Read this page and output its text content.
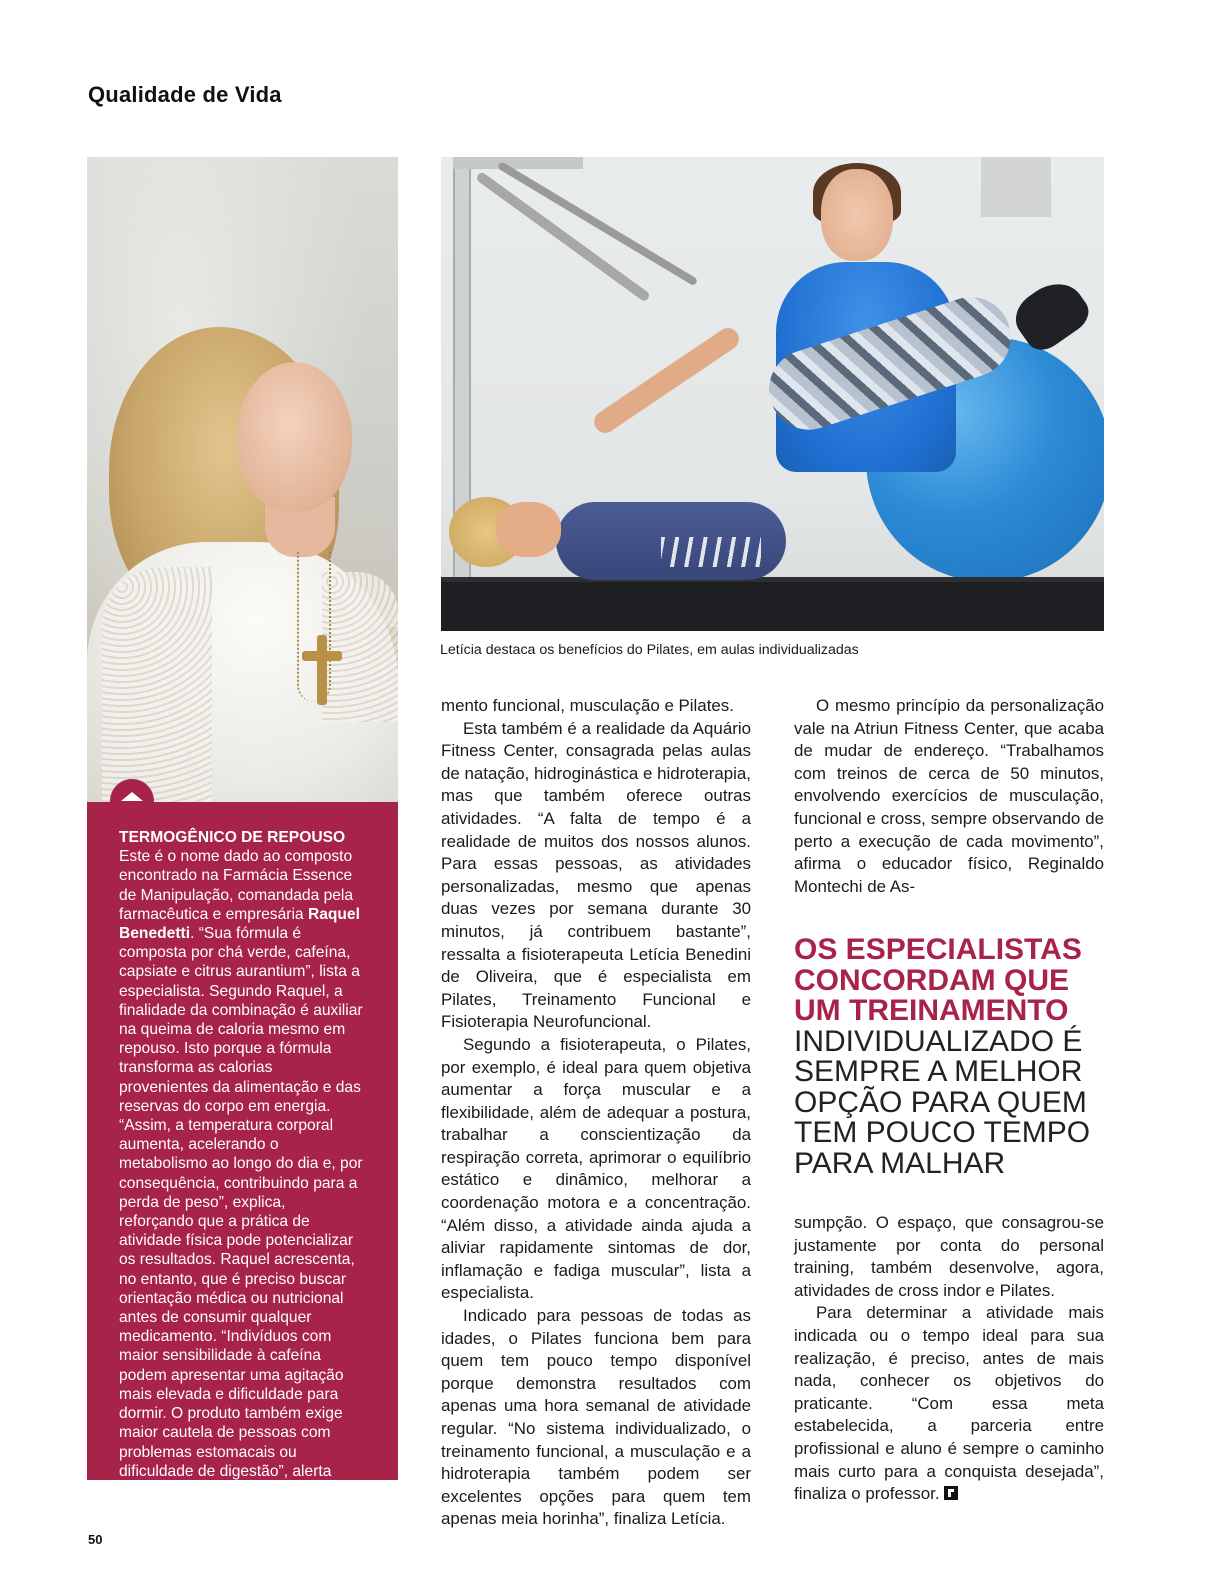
Qualidade de Vida
TERMOGÊNICO DE REPOUSO
Este é o nome dado ao composto encontrado na Farmácia Essence de Manipulação, comandada pela farmacêutica e empresária Raquel Benedetti. “Sua fórmula é composta por chá verde, cafeína, capsiate e citrus aurantium”, lista a especialista. Segundo Raquel, a finalidade da combinação é auxiliar na queima de caloria mesmo em repouso. Isto porque a fórmula transforma as calorias provenientes da alimentação e das reservas do corpo em energia. “Assim, a temperatura corporal aumenta, acelerando o metabolismo ao longo do dia e, por consequência, contribuindo para a perda de peso”, explica, reforçando que a prática de atividade física pode potencializar os resultados. Raquel acrescenta, no entanto, que é preciso buscar orientação médica ou nutricional antes de consumir qualquer medicamento. “Indivíduos com maior sensibilidade à cafeína podem apresentar uma agitação mais elevada e dificuldade para dormir. O produto também exige maior cautela de pessoas com problemas estomacais ou dificuldade de digestão”, alerta Raquel.
Letícia destaca os benefícios do Pilates, em aulas individualizadas

mento funcional, musculação e Pilates.

Esta também é a realidade da Aquário Fitness Center, consagrada pelas aulas de natação, hidroginástica e hidroterapia, mas que também oferece outras atividades. “A falta de tempo é a realidade de muitos dos nossos alunos. Para essas pessoas, as atividades personalizadas, mesmo que apenas duas vezes por semana durante 30 minutos, já contribuem bastante”, ressalta a fisioterapeuta Letícia Benedini de Oliveira, que é especialista em Pilates, Treinamento Funcional e Fisioterapia Neurofuncional.

Segundo a fisioterapeuta, o Pilates, por exemplo, é ideal para quem objetiva aumentar a força muscular e a flexibilidade, além de adequar a postura, trabalhar a conscientização da respiração correta, aprimorar o equilíbrio estático e dinâmico, melhorar a coordenação motora e a concentração. “Além disso, a atividade ainda ajuda a aliviar rapidamente sintomas de dor, inflamação e fadiga muscular”, lista a especialista.

Indicado para pessoas de todas as idades, o Pilates funciona bem para quem tem pouco tempo disponível porque demonstra resultados com apenas uma hora semanal de atividade regular. “No sistema individualizado, o treinamento funcional, a musculação e a hidroterapia também podem ser excelentes opções para quem tem apenas meia horinha”, finaliza Letícia.

O mesmo princípio da personalização vale na Atriun Fitness Center, que acaba de mudar de endereço. “Trabalhamos com treinos de cerca de 50 minutos, envolvendo exercícios de musculação, funcional e cross, sempre observando de perto a execução de cada movimento”, afirma o educador físico, Reginaldo Montechi de As-

OS ESPECIALISTAS CONCORDAM QUE UM TREINAMENTO
INDIVIDUALIZADO É SEMPRE A MELHOR OPÇÃO PARA QUEM TEM POUCO TEMPO PARA MALHAR

sumpção. O espaço, que consagrou-se justamente por conta do personal training, também desenvolve, agora, atividades de cross indor e Pilates.

Para determinar a atividade mais indicada ou o tempo ideal para sua realização, é preciso, antes de mais nada, conhecer os objetivos do praticante. “Com essa meta estabelecida, a parceria entre profissional e aluno é sempre o caminho mais curto para a conquista desejada”, finaliza o professor.

50
